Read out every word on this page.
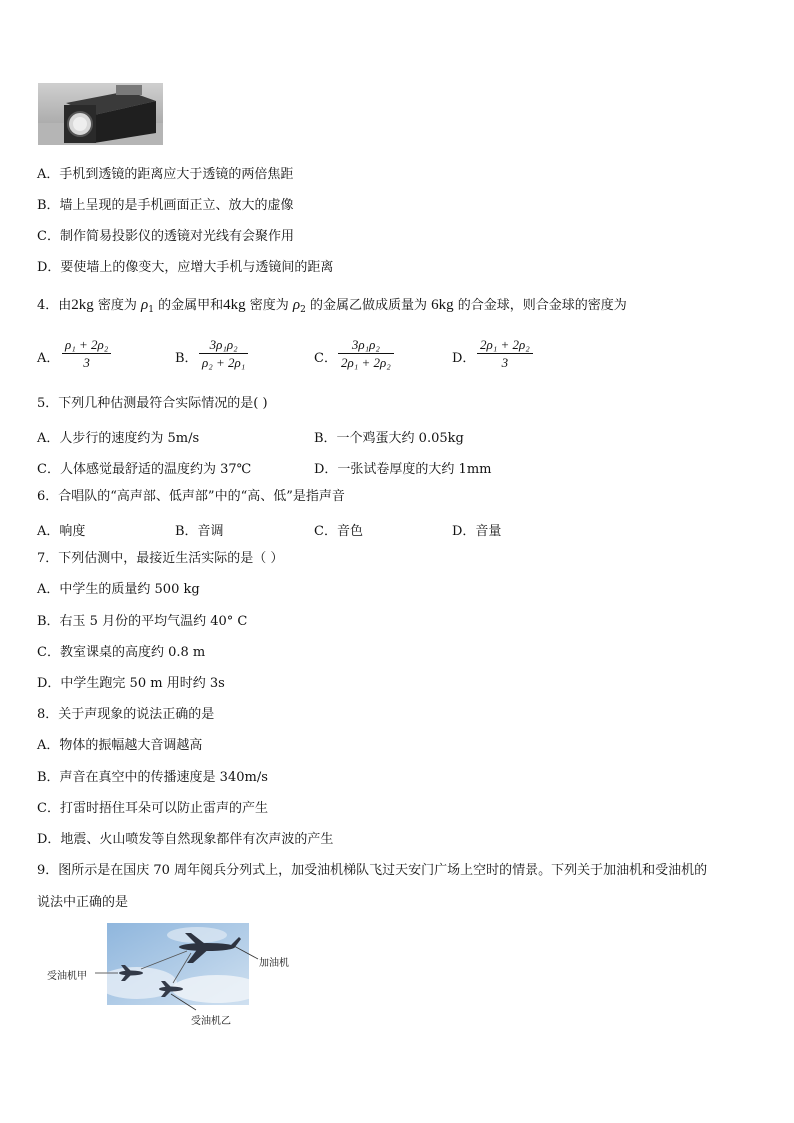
A．手机到透镜的距离应大于透镜的两倍焦距
B．墙上呈现的是手机画面正立、放大的虚像
C．制作简易投影仪的透镜对光线有会聚作用
D．要使墙上的像变大，应增大手机与透镜间的距离
4．由2kg 密度为 $\rho_1$ 的金属甲和4kg 密度为 $\rho_2$ 的金属乙做成质量为 6kg 的合金球，则合金球的密度为
A． $\frac{\text{ρ₁ + 2ρ₂}}{3}$	B． $\frac{\text{3ρ₁ρ₂}}{\text{ρ₂ + 2ρ₁}}$	C． $\frac{\text{3ρ₁ρ₂}}{\text{2ρ₁ + 2ρ₂}}$	D． $\frac{\text{2ρ₁ + 2ρ₂}}{3}$
5．下列几种估测最符合实际情况的是( )
A．人步行的速度约为 5m/s	B．一个鸡蛋大约 0.05kg
C．人体感觉最舒适的温度约为 37℃	D．一张试卷厚度的大约 1mm
6．合唱队的“高声部、低声部”中的“高、低”是指声音
A．响度	B．音调	C．音色	D．音量
7．下列估测中，最接近生活实际的是（ ）
A．中学生的质量约 500 kg
B．右玉 5 月份的平均气温约 40° C
C．教室课桌的高度约 0.8 m
D．中学生跑完 50 m 用时约 3s
8．关于声现象的说法正确的是
A．物体的振幅越大音调越高
B．声音在真空中的传播速度是 340m/s
C．打雷时捂住耳朵可以防止雷声的产生
D．地震、火山喷发等自然现象都伴有次声波的产生
9．图所示是在国庆 70 周年阅兵分列式上，加受油机梯队飞过天安门广场上空时的情景。下列关于加油机和受油机的
说法中正确的是
加油机
受油机甲
受油机乙
